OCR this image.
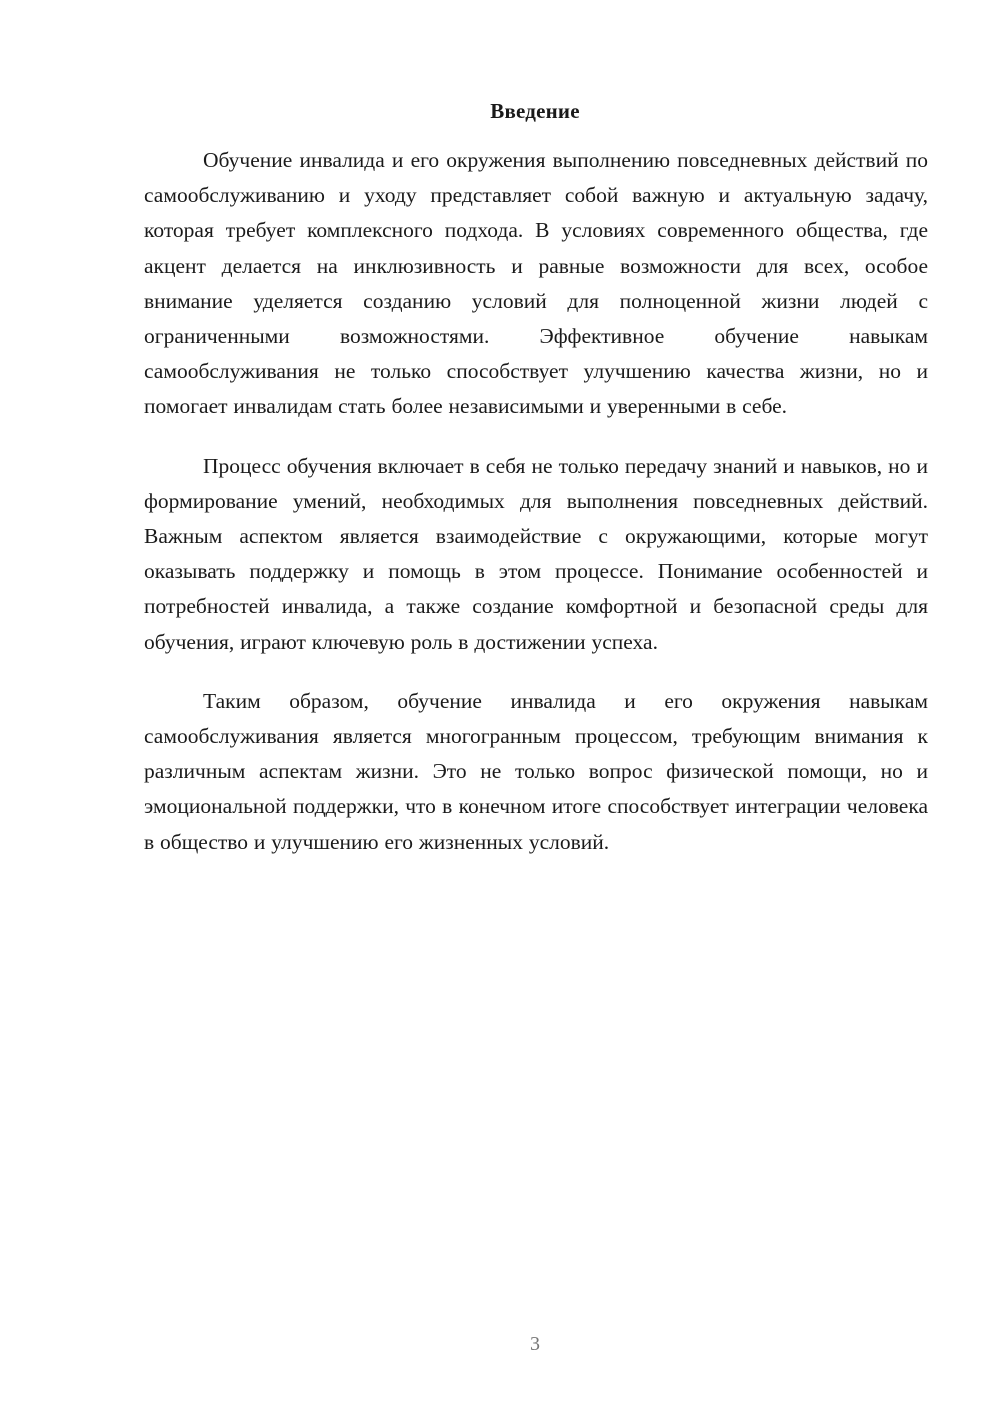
Введение

Обучение инвалида и его окружения выполнению повседневных действий по самообслуживанию и уходу представляет собой важную и актуальную задачу, которая требует комплексного подхода. В условиях современного общества, где акцент делается на инклюзивность и равные возможности для всех, особое внимание уделяется созданию условий для полноценной жизни людей с ограниченными возможностями. Эффективное обучение навыкам самообслуживания не только способствует улучшению качества жизни, но и помогает инвалидам стать более независимыми и уверенными в себе.

Процесс обучения включает в себя не только передачу знаний и навыков, но и формирование умений, необходимых для выполнения повседневных действий. Важным аспектом является взаимодействие с окружающими, которые могут оказывать поддержку и помощь в этом процессе. Понимание особенностей и потребностей инвалида, а также создание комфортной и безопасной среды для обучения, играют ключевую роль в достижении успеха.

Таким образом, обучение инвалида и его окружения навыкам самообслуживания является многогранным процессом, требующим внимания к различным аспектам жизни. Это не только вопрос физической помощи, но и эмоциональной поддержки, что в конечном итоге способствует интеграции человека в общество и улучшению его жизненных условий.

3
